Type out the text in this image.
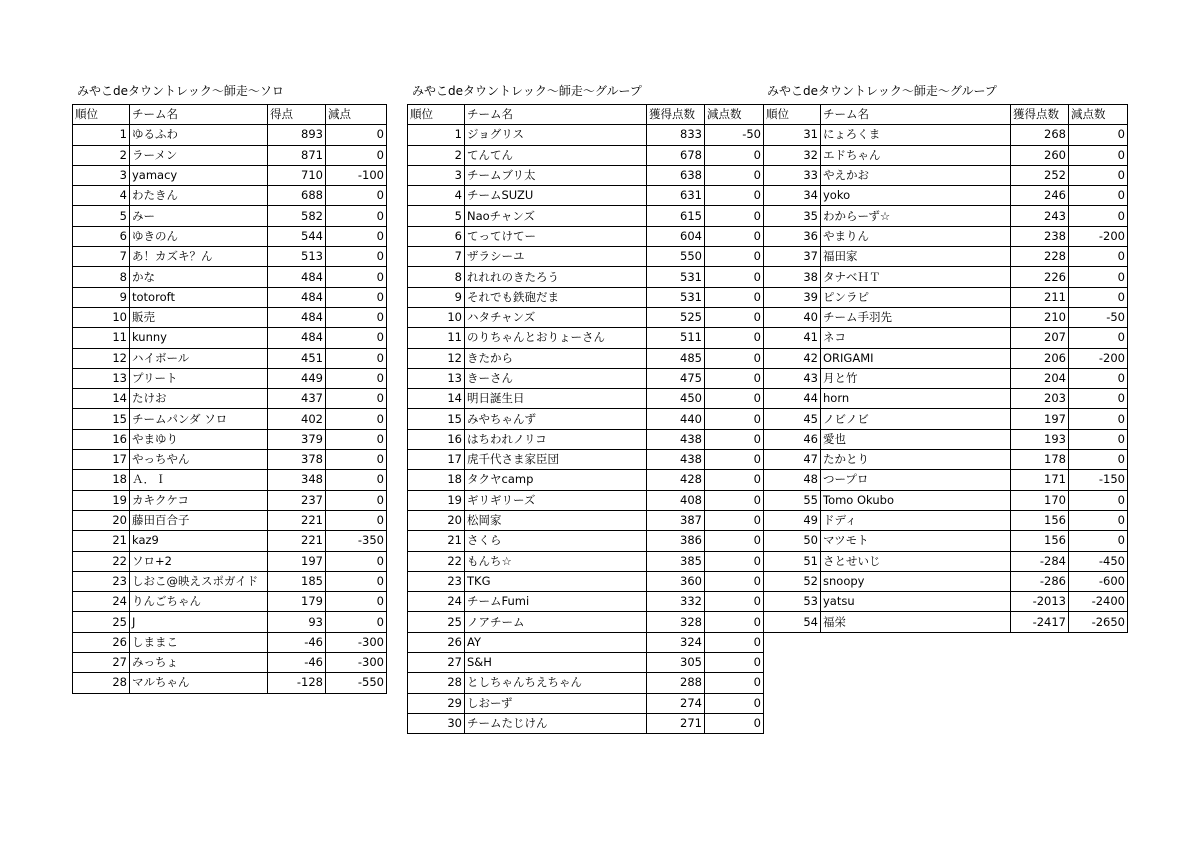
みやこdeタウントレック〜師走〜ソロ
順位	チーム名	得点	減点
1	ゆるふわ	893	0
2	ラーメン	871	0
3	yamacy	710	-100
4	わたきん	688	0
5	みー	582	0
6	ゆきのん	544	0
7	あ！カズキ？ん	513	0
8	かな	484	0
9	totoroft	484	0
10	販売	484	0
11	kunny	484	0
12	ハイボール	451	0
13	プリート	449	0
14	たけお	437	0
15	チームパンダ ソロ	402	0
16	やまゆり	379	0
17	やっちやん	378	0
18	Ａ．Ｉ	348	0
19	カキクケコ	237	0
20	藤田百合子	221	0
21	kaz9	221	-350
22	ソロ+2	197	0
23	しおこ@映えスポガイド	185	0
24	りんごちゃん	179	0
25	J	93	0
26	しままこ	-46	-300
27	みっちょ	-46	-300
28	マルちゃん	-128	-550
みやこdeタウントレック〜師走〜グループ
順位	チーム名	獲得点数	減点数
1	ジョグリス	833	-50
2	てんてん	678	0
3	チームブリ太	638	0
4	チームSUZU	631	0
5	Naoチャンズ	615	0
6	てってけてー	604	0
7	ザラシーユ	550	0
8	れれれのきたろう	531	0
9	それでも鉄砲だま	531	0
10	ハタチャンズ	525	0
11	のりちゃんとおりょーさん	511	0
12	きたから	485	0
13	きーさん	475	0
14	明日誕生日	450	0
15	みやちゃんず	440	0
16	はちわれノリコ	438	0
17	虎千代さま家臣団	438	0
18	タクヤcamp	428	0
19	ギリギリーズ	408	0
20	松岡家	387	0
21	さくら	386	0
22	もんち☆	385	0
23	TKG	360	0
24	チームFumi	332	0
25	ノアチーム	328	0
26	AY	324	0
27	S&H	305	0
28	としちゃんちえちゃん	288	0
29	しおーず	274	0
30	チームたじけん	271	0
みやこdeタウントレック〜師走〜グループ
順位	チーム名	獲得点数	減点数
31	にょろくま	268	0
32	エドちゃん	260	0
33	やえかお	252	0
34	yoko	246	0
35	わからーず☆	243	0
36	やまりん	238	-200
37	福田家	228	0
38	タナベＨＴ	226	0
39	ピンラピ	211	0
40	チーム手羽先	210	-50
41	ネコ	207	0
42	ORIGAMI	206	-200
43	月と竹	204	0
44	horn	203	0
45	ノビノビ	197	0
46	愛也	193	0
47	たかとり	178	0
48	つープロ	171	-150
55	Tomo Okubo	170	0
49	ドディ	156	0
50	マツモト	156	0
51	さとせいじ	-284	-450
52	snoopy	-286	-600
53	yatsu	-2013	-2400
54	福栄	-2417	-2650
